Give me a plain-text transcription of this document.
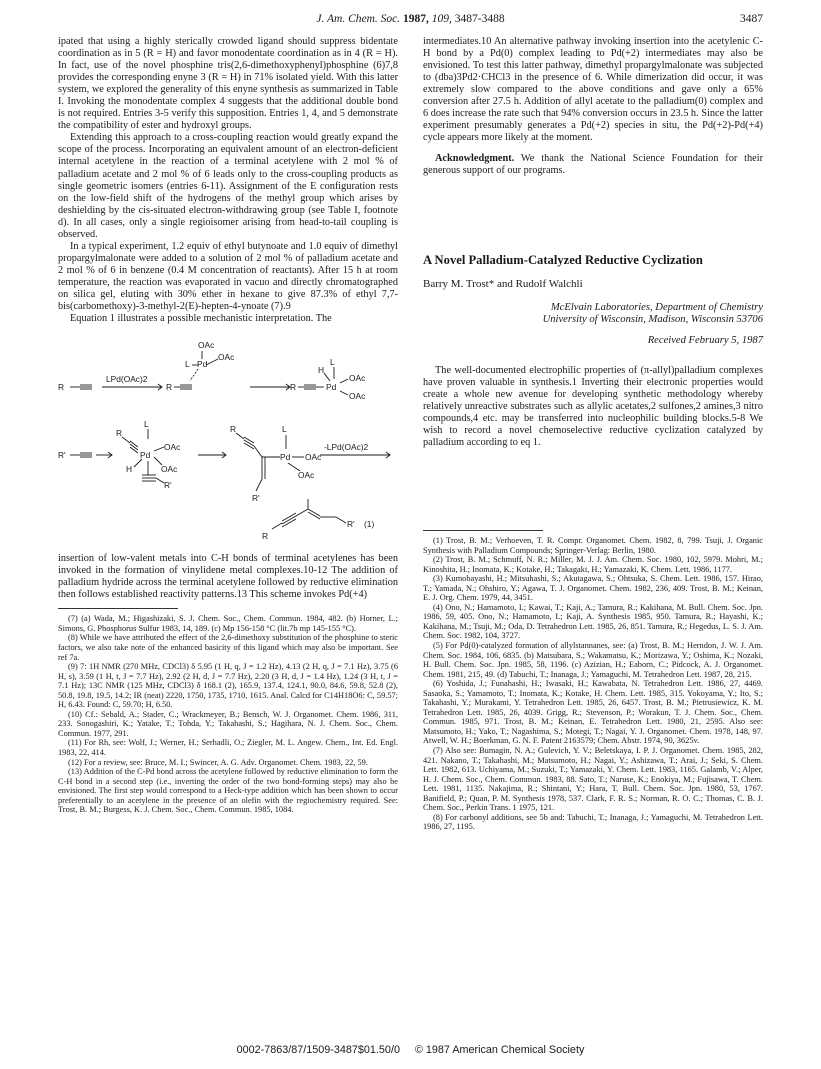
J. Am. Chem. Soc. 1987, 109, 3487-3488	3487

ipated that using a highly sterically crowded ligand should suppress bidentate coordination as in 5 (R = H) and favor monodentate coordination as in 4 (R = H). In fact, use of the novel phosphine tris(2,6-dimethoxyphenyl)phosphine (6)7,8 provides the corresponding enyne 3 (R = H) in 71% isolated yield. With this latter system, we explored the generality of this enyne synthesis as summarized in Table I. Invoking the monodentate complex 4 suggests that the additional double bond is not required. Entries 3-5 verify this supposition. Entries 1, 4, and 5 demonstrate the compatibility of ester and hydroxyl groups.

Extending this approach to a cross-coupling reaction would greatly expand the scope of the process. Incorporating an equivalent amount of an electron-deficient internal acetylene in the reaction of a terminal acetylene with 2 mol % of palladium acetate and 2 mol % of 6 leads only to the cross-coupling products as single geometric isomers (entries 6-11). Assignment of the E configuration rests on the low-field shift of the hydrogens of the methyl group which arises by deshielding by the cis-situated electron-withdrawing group (see Table I, footnote d). In all cases, only a single regioisomer arising from head-to-tail coupling is observed.

In a typical experiment, 1.2 equiv of ethyl butynoate and 1.0 equiv of dimethyl propargylmalonate were added to a solution of 2 mol % of palladium acetate and 2 mol % of 6 in benzene (0.4 M concentration of reactants). After 15 h at room temperature, the reaction was evaporated in vacuo and directly chromatographed on silica gel, eluting with 30% ether in hexane to give 87.3% of ethyl 7,7-bis(carbomethoxy)-3-methyl-2(E)-hepten-4-ynoate (7).9

Equation 1 illustrates a possible mechanistic interpretation. The

R
LPd(OAc)2
R
OAc
L Pd
OAc
R	Pd
L
H
OAc
OAc
R'
R
L
Pd
OAc
OAc
H
R'
R	L
Pd OAc
OAc
R'
-LPd(OAc)2
R
R' (1)

insertion of low-valent metals into C-H bonds of terminal acetylenes has been invoked in the formation of vinylidene metal complexes.10-12 The addition of palladium hydride across the terminal acetylene followed by reductive elimination then follows established reactivity patterns.13 This scheme invokes Pd(+4)

(7) (a) Wada, M.; Higashizaki, S. J. Chem. Soc., Chem. Commun. 1984, 482. (b) Horner, L.; Simons, G. Phosphorus Sulfur 1983, 14, 189. (c) Mp 156-158 °C (lit.7b mp 145-155 °C).

(8) While we have attributed the effect of the 2,6-dimethoxy substitution of the phosphine to steric factors, we also take note of the enhanced basicity of this ligand which may also be important. See ref 7a.

(9) 7: 1H NMR (270 MHz, CDCl3) δ 5.95 (1 H, q, J = 1.2 Hz), 4.13 (2 H, q, J = 7.1 Hz), 3.75 (6 H, s), 3.59 (1 H, t, J = 7.7 Hz), 2.92 (2 H, d, J = 7.7 Hz), 2.20 (3 H, d, J = 1.4 Hz), 1.24 (3 H, t, J = 7.1 Hz); 13C NMR (125 MHz, CDCl3) δ 168.1 (2), 165.9, 137.4, 124.1, 90.0, 84.6, 59.8, 52.8 (2), 50.8, 19.8, 19.5, 14.2; IR (neat) 2220, 1750, 1735, 1710, 1615. Anal. Calcd for C14H18O6: C, 59.57; H, 6.43. Found: C, 59.70; H, 6.50.

(10) Cf.: Sebald, A.; Stader, C.; Wrackmeyer, B.; Bensch, W. J. Organomet. Chem. 1986, 311, 233. Sonogashiri, K.; Yatake, T.; Tohda, Y.; Takahashi, S.; Hagihara, N. J. Chem. Soc., Chem. Commun. 1977, 291.

(11) For Rh, see: Wolf, J.; Werner, H.; Serhadli, O.; Ziegler, M. L. Angew. Chem., Int. Ed. Engl. 1983, 22, 414.

(12) For a review, see: Bruce, M. I.; Swincer, A. G. Adv. Organomet. Chem. 1983, 22, 59.

(13) Addition of the C-Pd bond across the acetylene followed by reductive elimination to form the C-H bond in a second step (i.e., inverting the order of the two bond-forming steps) may also be envisioned. The first step would correspond to a Heck-type addition which has been shown to occur preferentially to an acetylene in the presence of an olefin with the regiochemistry required. See: Trost, B. M.; Burgess, K. J. Chem. Soc., Chem. Commun. 1985, 1084.

intermediates.10 An alternative pathway invoking insertion into the acetylenic C-H bond by a Pd(0) complex leading to Pd(+2) intermediates may also be envisioned. To test this latter pathway, dimethyl propargylmalonate was subjected to (dba)3Pd2·CHCl3 in the presence of 6. While dimerization did occur, it was extremely slow compared to the above conditions and gave only a 65% conversion after 27.5 h. Addition of allyl acetate to the palladium(0) complex and 6 does increase the rate such that 94% conversion occurs in 23.5 h. Since the latter experiment presumably generates a Pd(+2) species in situ, the Pd(+2)-Pd(+4) cycle appears more likely at the moment.

Acknowledgment. We thank the National Science Foundation for their generous support of our programs.

A Novel Palladium-Catalyzed Reductive Cyclization

Barry M. Trost* and Rudolf Walchli

McElvain Laboratories, Department of Chemistry

University of Wisconsin, Madison, Wisconsin 53706

Received February 5, 1987

The well-documented electrophilic properties of (π-allyl)palladium complexes have proven valuable in synthesis.1 Inverting their electronic properties would create a whole new avenue for developing synthetic methodology whereby relatively unreactive substrates such as allylic acetates,2 sulfones,2 amines,3 nitro compounds,4 etc. may be transferred into nucleophilic building blocks.5-8 We wish to record a novel chemoselective reductive cyclization catalyzed by palladium according to eq 1.

(1) Trost, B. M.; Verhoeven, T. R. Compr. Organomet. Chem. 1982, 8, 799. Tsuji, J. Organic Synthesis with Palladium Compounds; Springer-Verlag: Berlin, 1980.

(2) Trost, B. M.; Schmuff, N. R.; Miller, M. J. J. Am. Chem. Soc. 1980, 102, 5979. Mohri, M.; Kinoshita, H.; Inomata, K.; Kotake, H.; Takagaki, H.; Yamazaki, K. Chem. Lett. 1986, 1177.

(3) Kumobayashi, H.; Mitsuhashi, S.; Akutagawa, S.; Ohtsuka, S. Chem. Lett. 1986, 157. Hirao, T.; Yamada, N.; Ohshiro, Y.; Agawa, T. J. Organomet. Chem. 1982, 236, 409. Trost, B. M.; Keinan, E. J. Org. Chem. 1979, 44, 3451.

(4) Ono, N.; Hamamoto, I.; Kawai, T.; Kaji, A.; Tamura, R.; Kakihana, M. Bull. Chem. Soc. Jpn. 1986, 59, 405. Ono, N.; Hamamoto, I.; Kaji, A. Synthesis 1985, 950. Tamura, R.; Hayashi, K.; Kakihana, M.; Tsuji, M.; Oda, D. Tetrahedron Lett. 1985, 26, 851. Tamura, R.; Hegedus, L. S. J. Am. Chem. Soc. 1982, 104, 3727.

(5) For Pd(0)-catalyzed formation of allylstannanes, see: (a) Trost, B. M.; Herndon, J. W. J. Am. Chem. Soc. 1984, 106, 6835. (b) Matsubara, S.; Wakamatsu, K.; Morizawa, Y.; Oshima, K.; Nozaki, H. Bull. Chem. Soc. Jpn. 1985, 58, 1196. (c) Azizian, H.; Eaborn, C.; Pidcock, A. J. Organomet. Chem. 1981, 215, 49. (d) Tabuchi, T.; Inanaga, J.; Yamaguchi, M. Tetrahedron Lett. 1987, 28, 215.

(6) Yoshida, J.; Funahashi, H.; Iwasaki, H.; Kawabata, N. Tetrahedron Lett. 1986, 27, 4469. Sasaoka, S.; Yamamoto, T.; Inomata, K.; Kotake, H. Chem. Lett. 1985, 315. Yokoyama, Y.; Ito, S.; Takahashi, Y.; Murakami, Y. Tetrahedron Lett. 1985, 26, 6457. Trost, B. M.; Pietrusiewicz, K. M. Tetrahedron Lett. 1985, 26, 4039. Grigg, R.; Stevenson, P.; Worakun, T. J. Chem. Soc., Chem. Commun. 1985, 971. Trost, B. M.; Keinan, E. Tetrahedron Lett. 1980, 21, 2595. Also see: Matsumoto, H.; Yako, T.; Nagashima, S.; Motegi, T.; Nagai, Y. J. Organomet. Chem. 1978, 148, 97. Atwell, W. H.; Boerkman, G. N. F. Patent 2163579; Chem. Abstr. 1974, 90, 3625v.

(7) Also see: Bumagin, N. A.; Gulevich, Y. V.; Beletskaya, I. P. J. Organomet. Chem. 1985, 282, 421. Nakano, T.; Takahashi, M.; Matsumoto, H.; Nagai, Y.; Ashizawa, T.; Arai, J.; Seki, S. Chem. Lett. 1982, 613. Uchiyama, M.; Suzuki, T.; Yamazaki, Y. Chem. Lett. 1983, 1165. Galamb, V.; Alper, H. J. Chem. Soc., Chem. Commun. 1983, 88. Sato, T.; Naruse, K.; Enokiya, M.; Fujisawa, T. Chem. Lett. 1981, 1135. Nakajima, R.; Shintani, Y.; Hara, T. Bull. Chem. Soc. Jpn. 1980, 53, 1767. Banifield, P.; Quan, P. M. Synthesis 1978, 537. Clark, F. R. S.; Norman, R. O. C.; Thomas, C. B. J. Chem. Soc., Perkin Trans. 1 1975, 121.

(8) For carbonyl additions, see 5b and: Tabuchi, T.; Inanaga, J.; Yamaguchi, M. Tetrahedron Lett. 1986, 27, 1195.

0002-7863/87/1509-3487$01.50/0 © 1987 American Chemical Society
